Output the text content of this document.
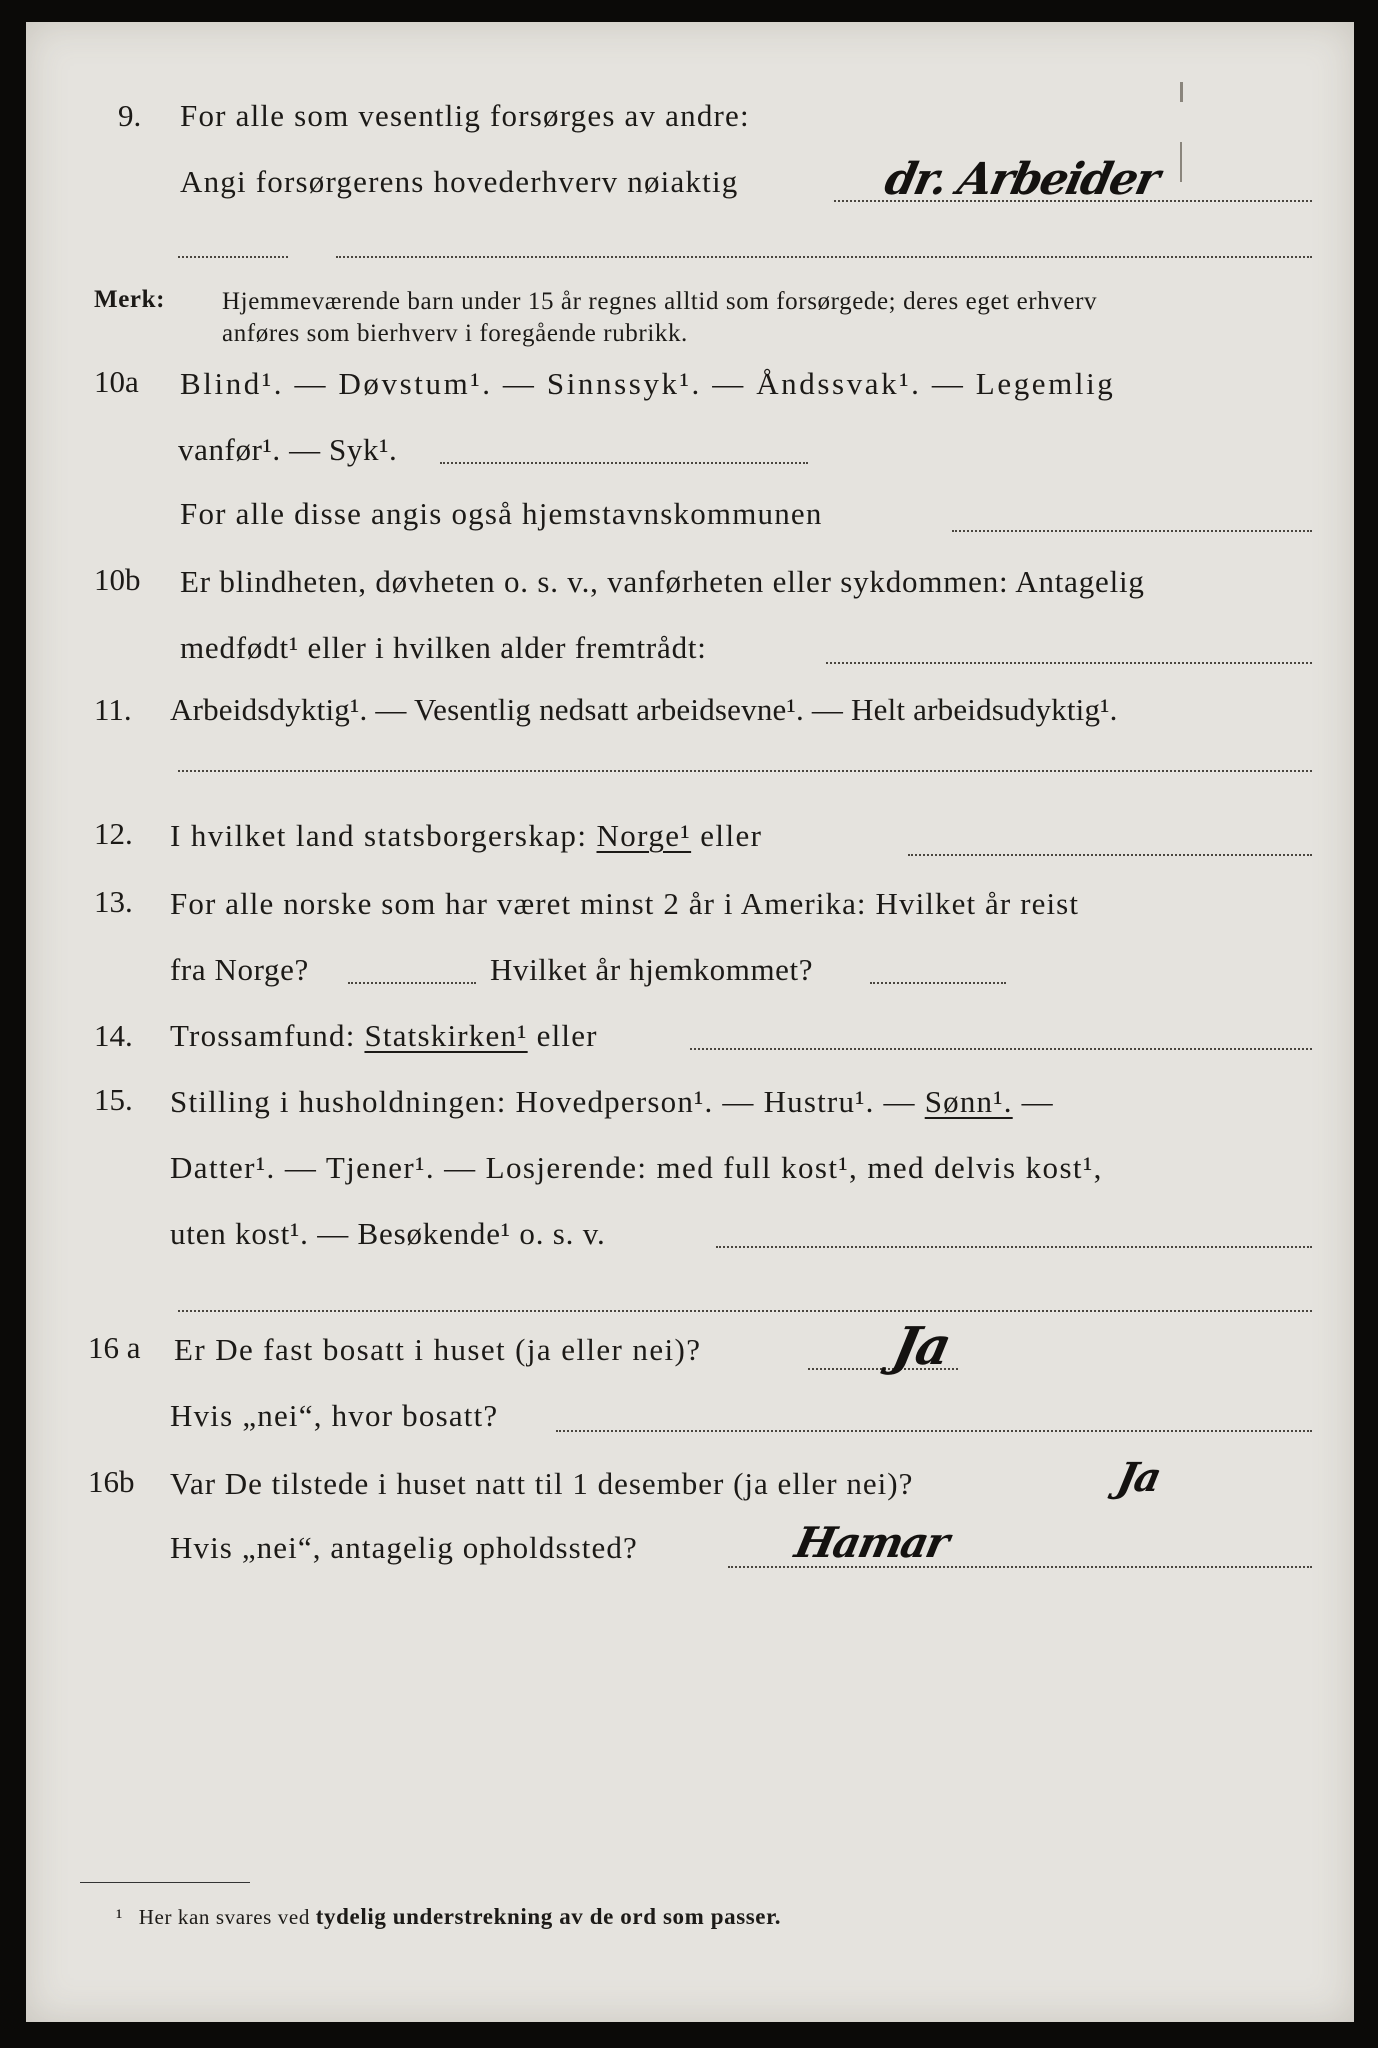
9. For alle som vesentlig forsørges av andre:
Angi forsørgerens hovederhverv nøiaktig	dr. Arbeider
Merk: Hjemmeværende barn under 15 år regnes alltid som forsørgede; deres eget erhverv
anføres som bierhverv i foregående rubrikk.
10a Blind¹. — Døvstum¹. — Sinnssyk¹. — Åndssvak¹. — Legemlig
vanfør¹. — Syk¹.
For alle disse angis også hjemstavnskommunen
10b Er blindheten, døvheten o. s. v., vanførheten eller sykdommen: Antagelig
medfødt¹ eller i hvilken alder fremtrådt:
11. Arbeidsdyktig¹. — Vesentlig nedsatt arbeidsevne¹. — Helt arbeidsudyktig¹.
12. I hvilket land statsborgerskap: Norge¹ eller
13. For alle norske som har været minst 2 år i Amerika: Hvilket år reist
fra Norge?	Hvilket år hjemkommet?
14. Trossamfund: Statskirken¹ eller
15. Stilling i husholdningen: Hovedperson¹. — Hustru¹. — Sønn¹. —
Datter¹. — Tjener¹. — Losjerende: med full kost¹, med delvis kost¹,
uten kost¹. — Besøkende¹ o. s. v.
16 a Er De fast bosatt i huset (ja eller nei)?	Ja
Hvis „nei“, hvor bosatt?
16b Var De tilstede i huset natt til 1 desember (ja eller nei)?	Ja
Hvis „nei“, antagelig opholdssted?	Hamar
¹ Her kan svares ved tydelig understrekning av de ord som passer.
